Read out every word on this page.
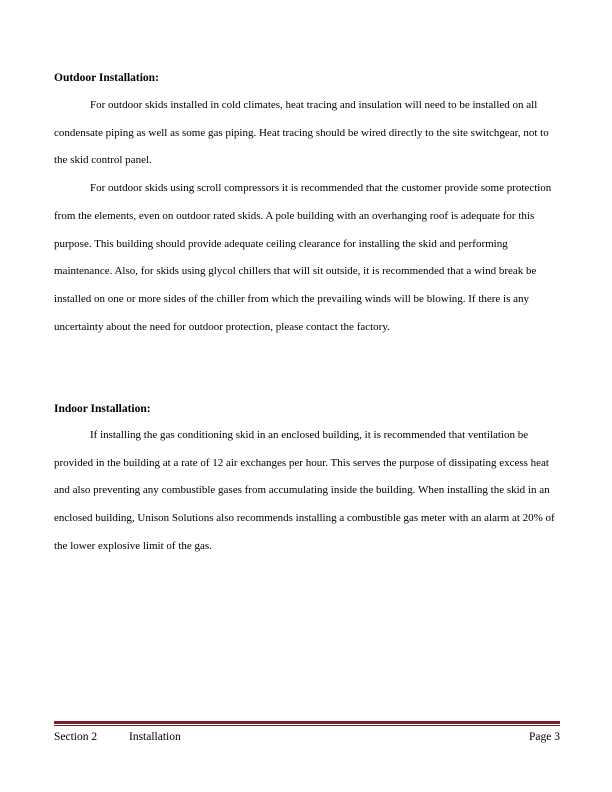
Outdoor Installation:

For outdoor skids installed in cold climates, heat tracing and insulation will need to be installed on all condensate piping as well as some gas piping. Heat tracing should be wired directly to the site switchgear, not to the skid control panel.

For outdoor skids using scroll compressors it is recommended that the customer provide some protection from the elements, even on outdoor rated skids. A pole building with an overhanging roof is adequate for this purpose. This building should provide adequate ceiling clearance for installing the skid and performing maintenance. Also, for skids using glycol chillers that will sit outside, it is recommended that a wind break be installed on one or more sides of the chiller from which the prevailing winds will be blowing. If there is any uncertainty about the need for outdoor protection, please contact the factory.

Indoor Installation:

If installing the gas conditioning skid in an enclosed building, it is recommended that ventilation be provided in the building at a rate of 12 air exchanges per hour. This serves the purpose of dissipating excess heat and also preventing any combustible gases from accumulating inside the building. When installing the skid in an enclosed building, Unison Solutions also recommends installing a combustible gas meter with an alarm at 20% of the lower explosive limit of the gas.

Section 2	Installation	Page 3
